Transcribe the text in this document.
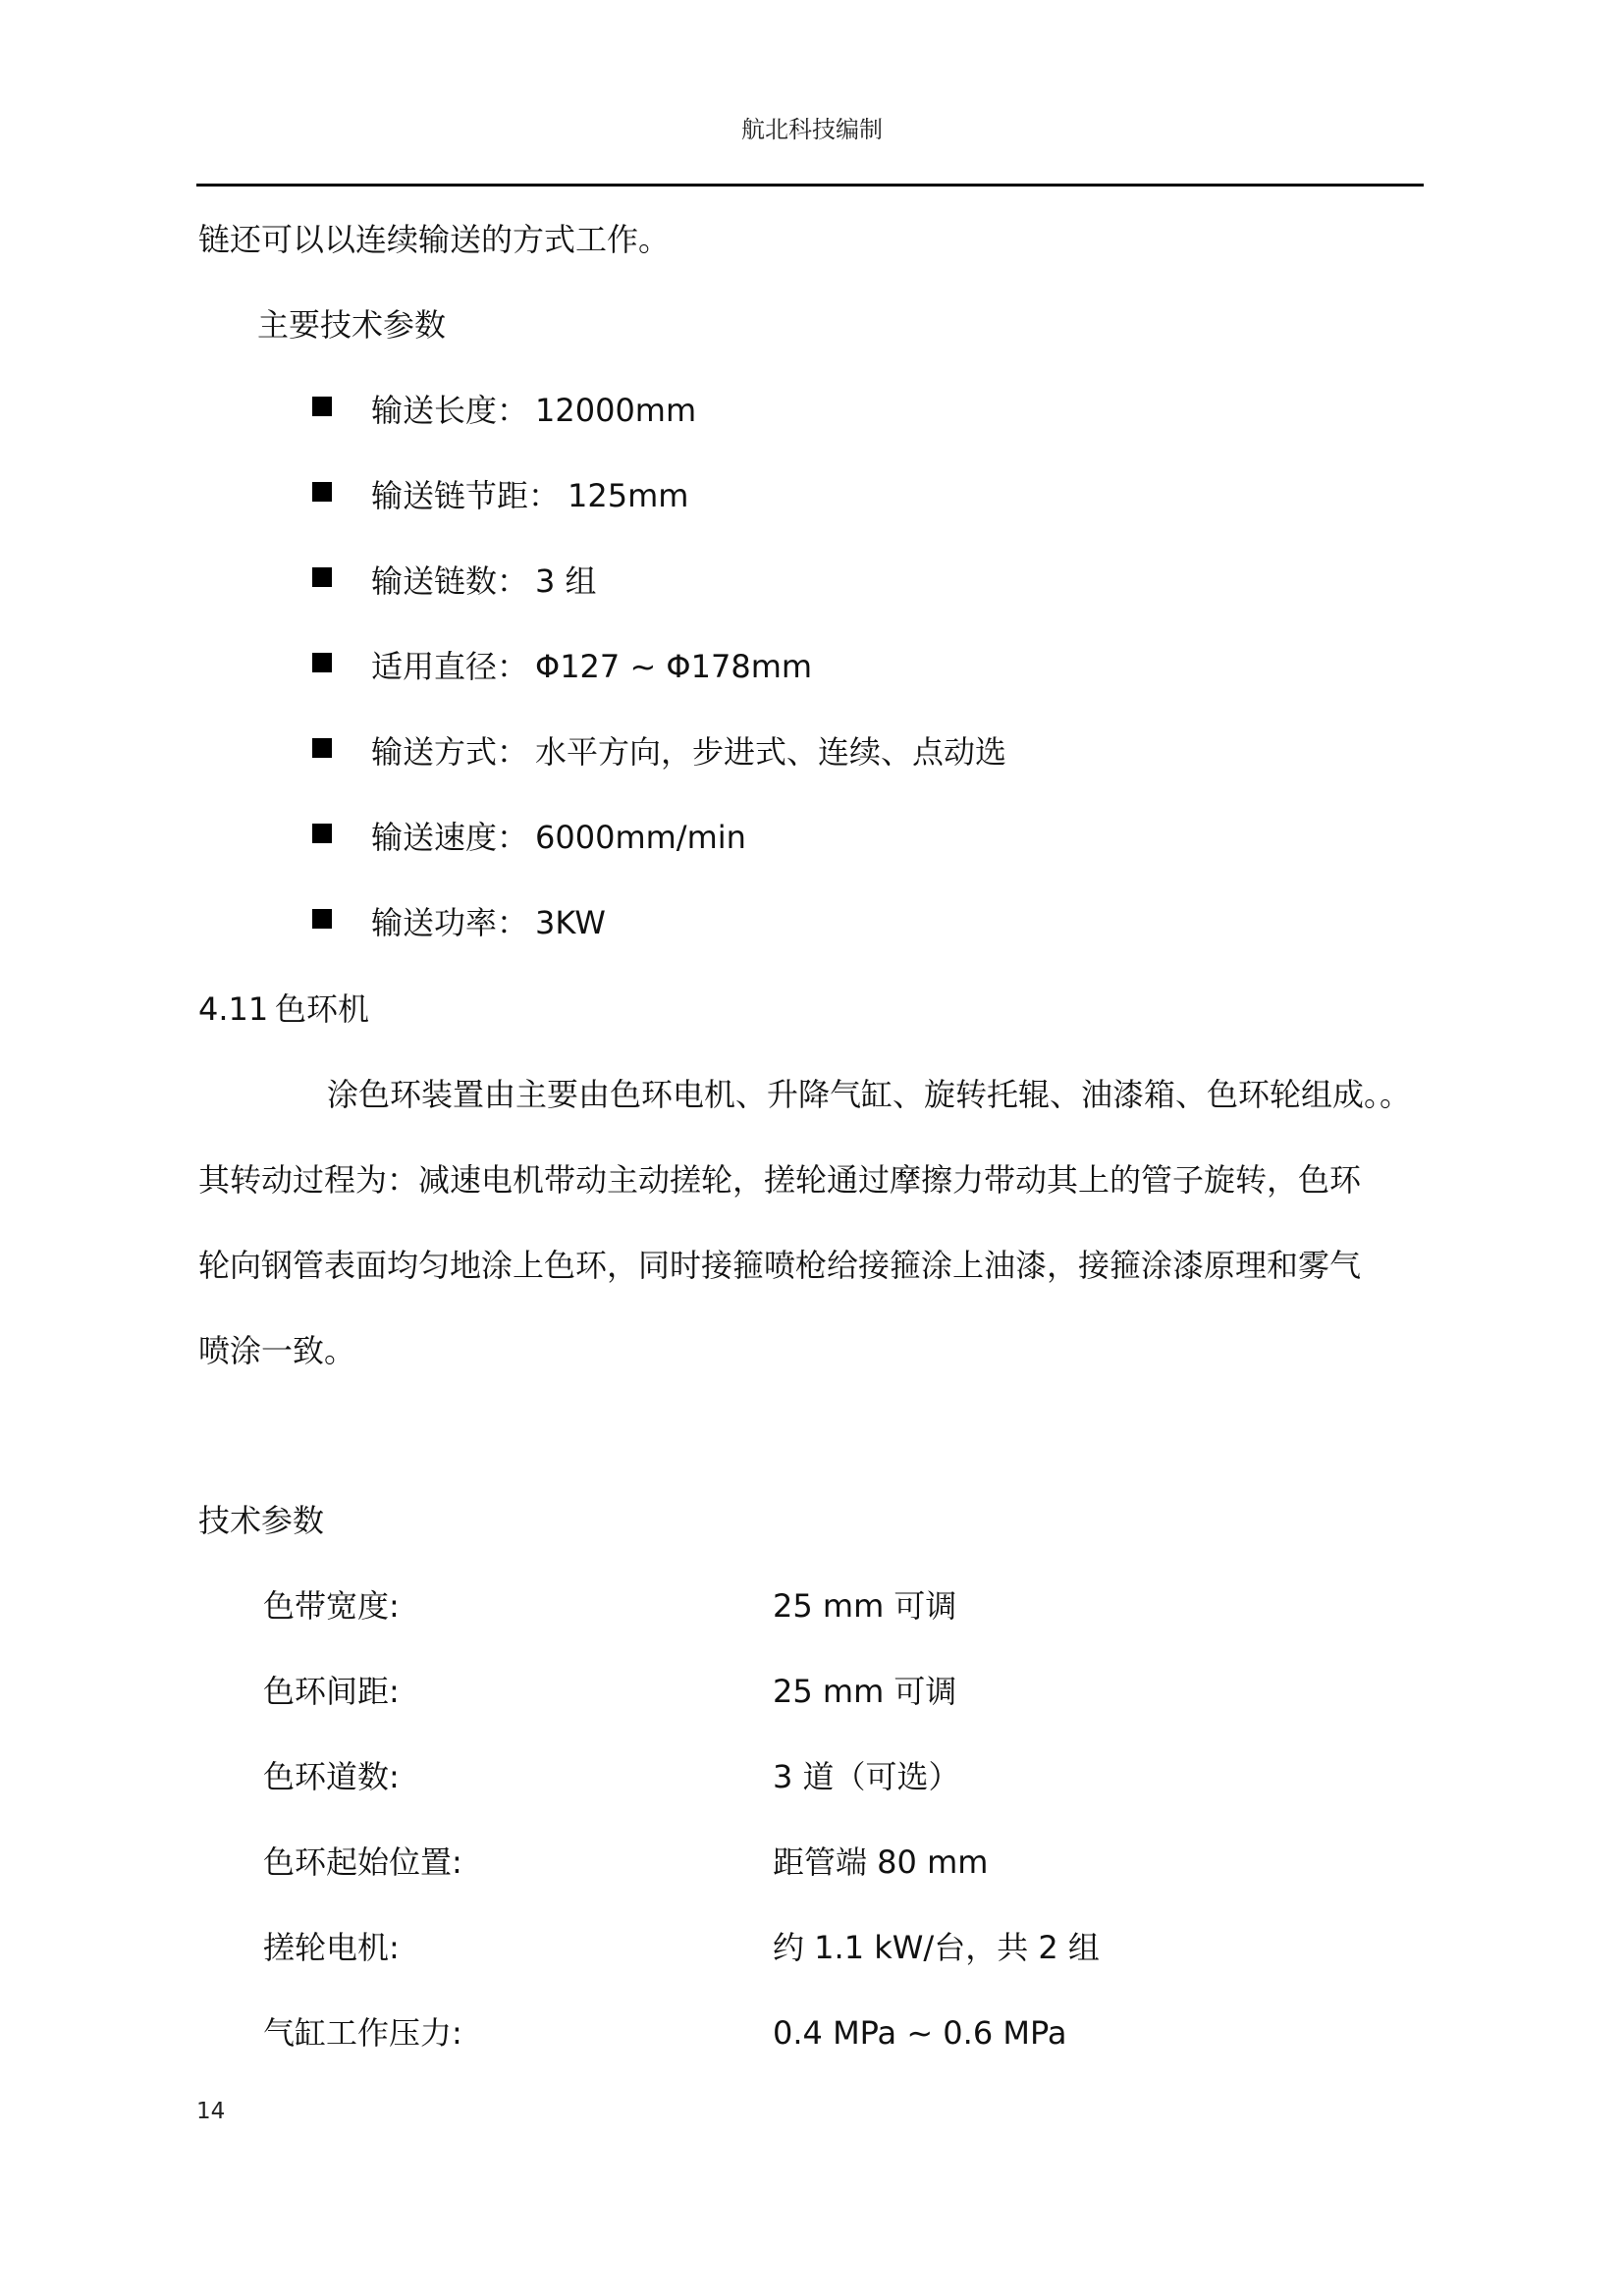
航北科技编制
链还可以以连续输送的方式工作。
主要技术参数
输送长度： 12000mm
输送链节距： 125mm
输送链数： 3 组
适用直径： Φ127 ~ Φ178mm
输送方式： 水平方向，步进式、连续、点动选
输送速度： 6000mm/min
输送功率： 3KW
4.11 色环机
涂色环装置由主要由色环电机、升降气缸、旋转托辊、油漆箱、色环轮组成。。
其转动过程为：减速电机带动主动搓轮，搓轮通过摩擦力带动其上的管子旋转，色环
轮向钢管表面均匀地涂上色环，同时接箍喷枪给接箍涂上油漆，接箍涂漆原理和雾气
喷涂一致。
技术参数
色带宽度:	25 mm 可调
色环间距:	25 mm 可调
色环道数:	3 道（可选）
色环起始位置:	距管端 80 mm
搓轮电机:	约 1.1 kW/台，共 2 组
气缸工作压力:	0.4 MPa ~ 0.6 MPa
14
